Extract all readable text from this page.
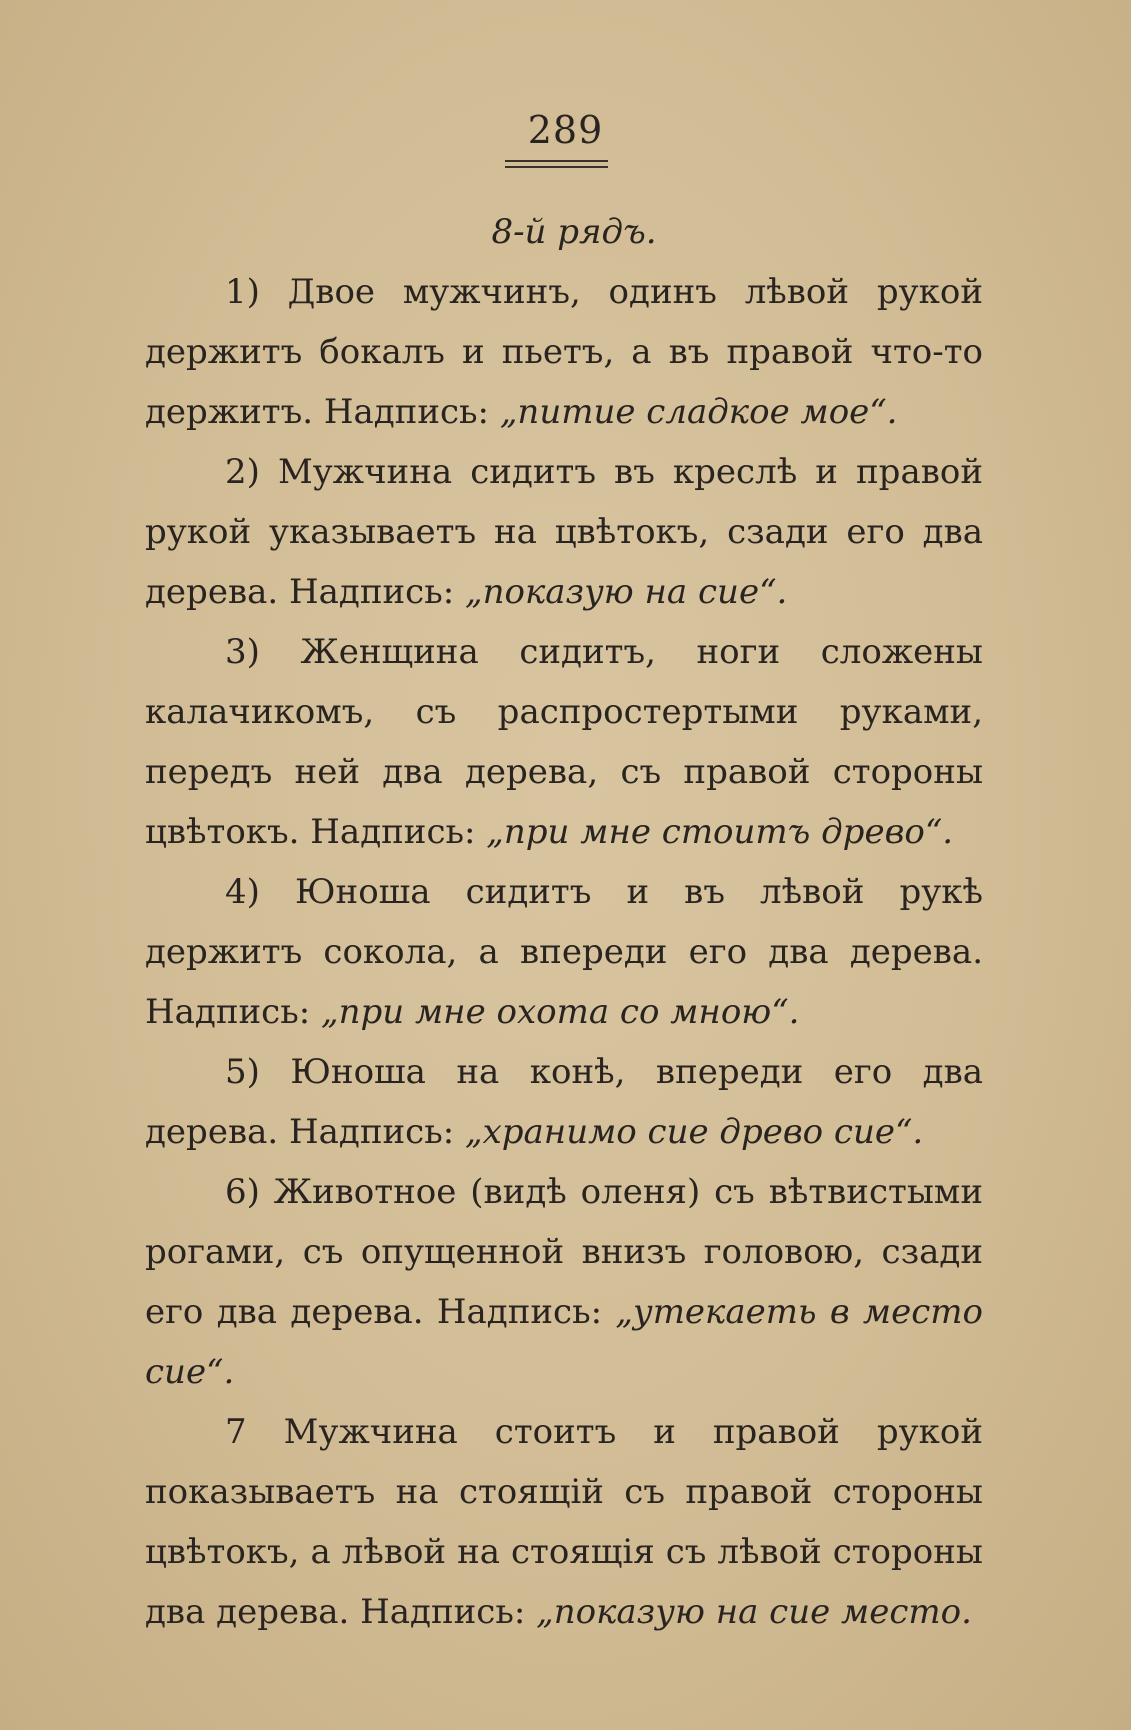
289

8-й рядъ.

1) Двое мужчинъ, одинъ лѣвой рукой держитъ бокалъ и пьетъ, а въ правой что-то держитъ. Надпись: „питие сладкое мое“.

2) Мужчина сидитъ въ креслѣ и правой рукой указываетъ на цвѣтокъ, сзади его два дерева. Надпись: „показую на сие“.

3) Женщина сидитъ, ноги сложены калачикомъ, съ распростертыми руками, передъ ней два дерева, съ правой стороны цвѣтокъ. Надпись: „при мне стоитъ древо“.

4) Юноша сидитъ и въ лѣвой рукѣ держитъ сокола, а впереди его два дерева. Надпись: „при мне охота со мною“.

5) Юноша на конѣ, впереди его два дерева. Надпись: „хранимо сие древо сие“.

6) Животное (видѣ оленя) съ вѣтвистыми рогами, съ опущенной внизъ головою, сзади его два дерева. Надпись: „утекаеть в место сие“.

7 Мужчина стоитъ и правой рукой показываетъ на стоящій съ правой стороны цвѣтокъ, а лѣвой на стоящія съ лѣвой стороны два дерева. Надпись: „показую на сие место.
